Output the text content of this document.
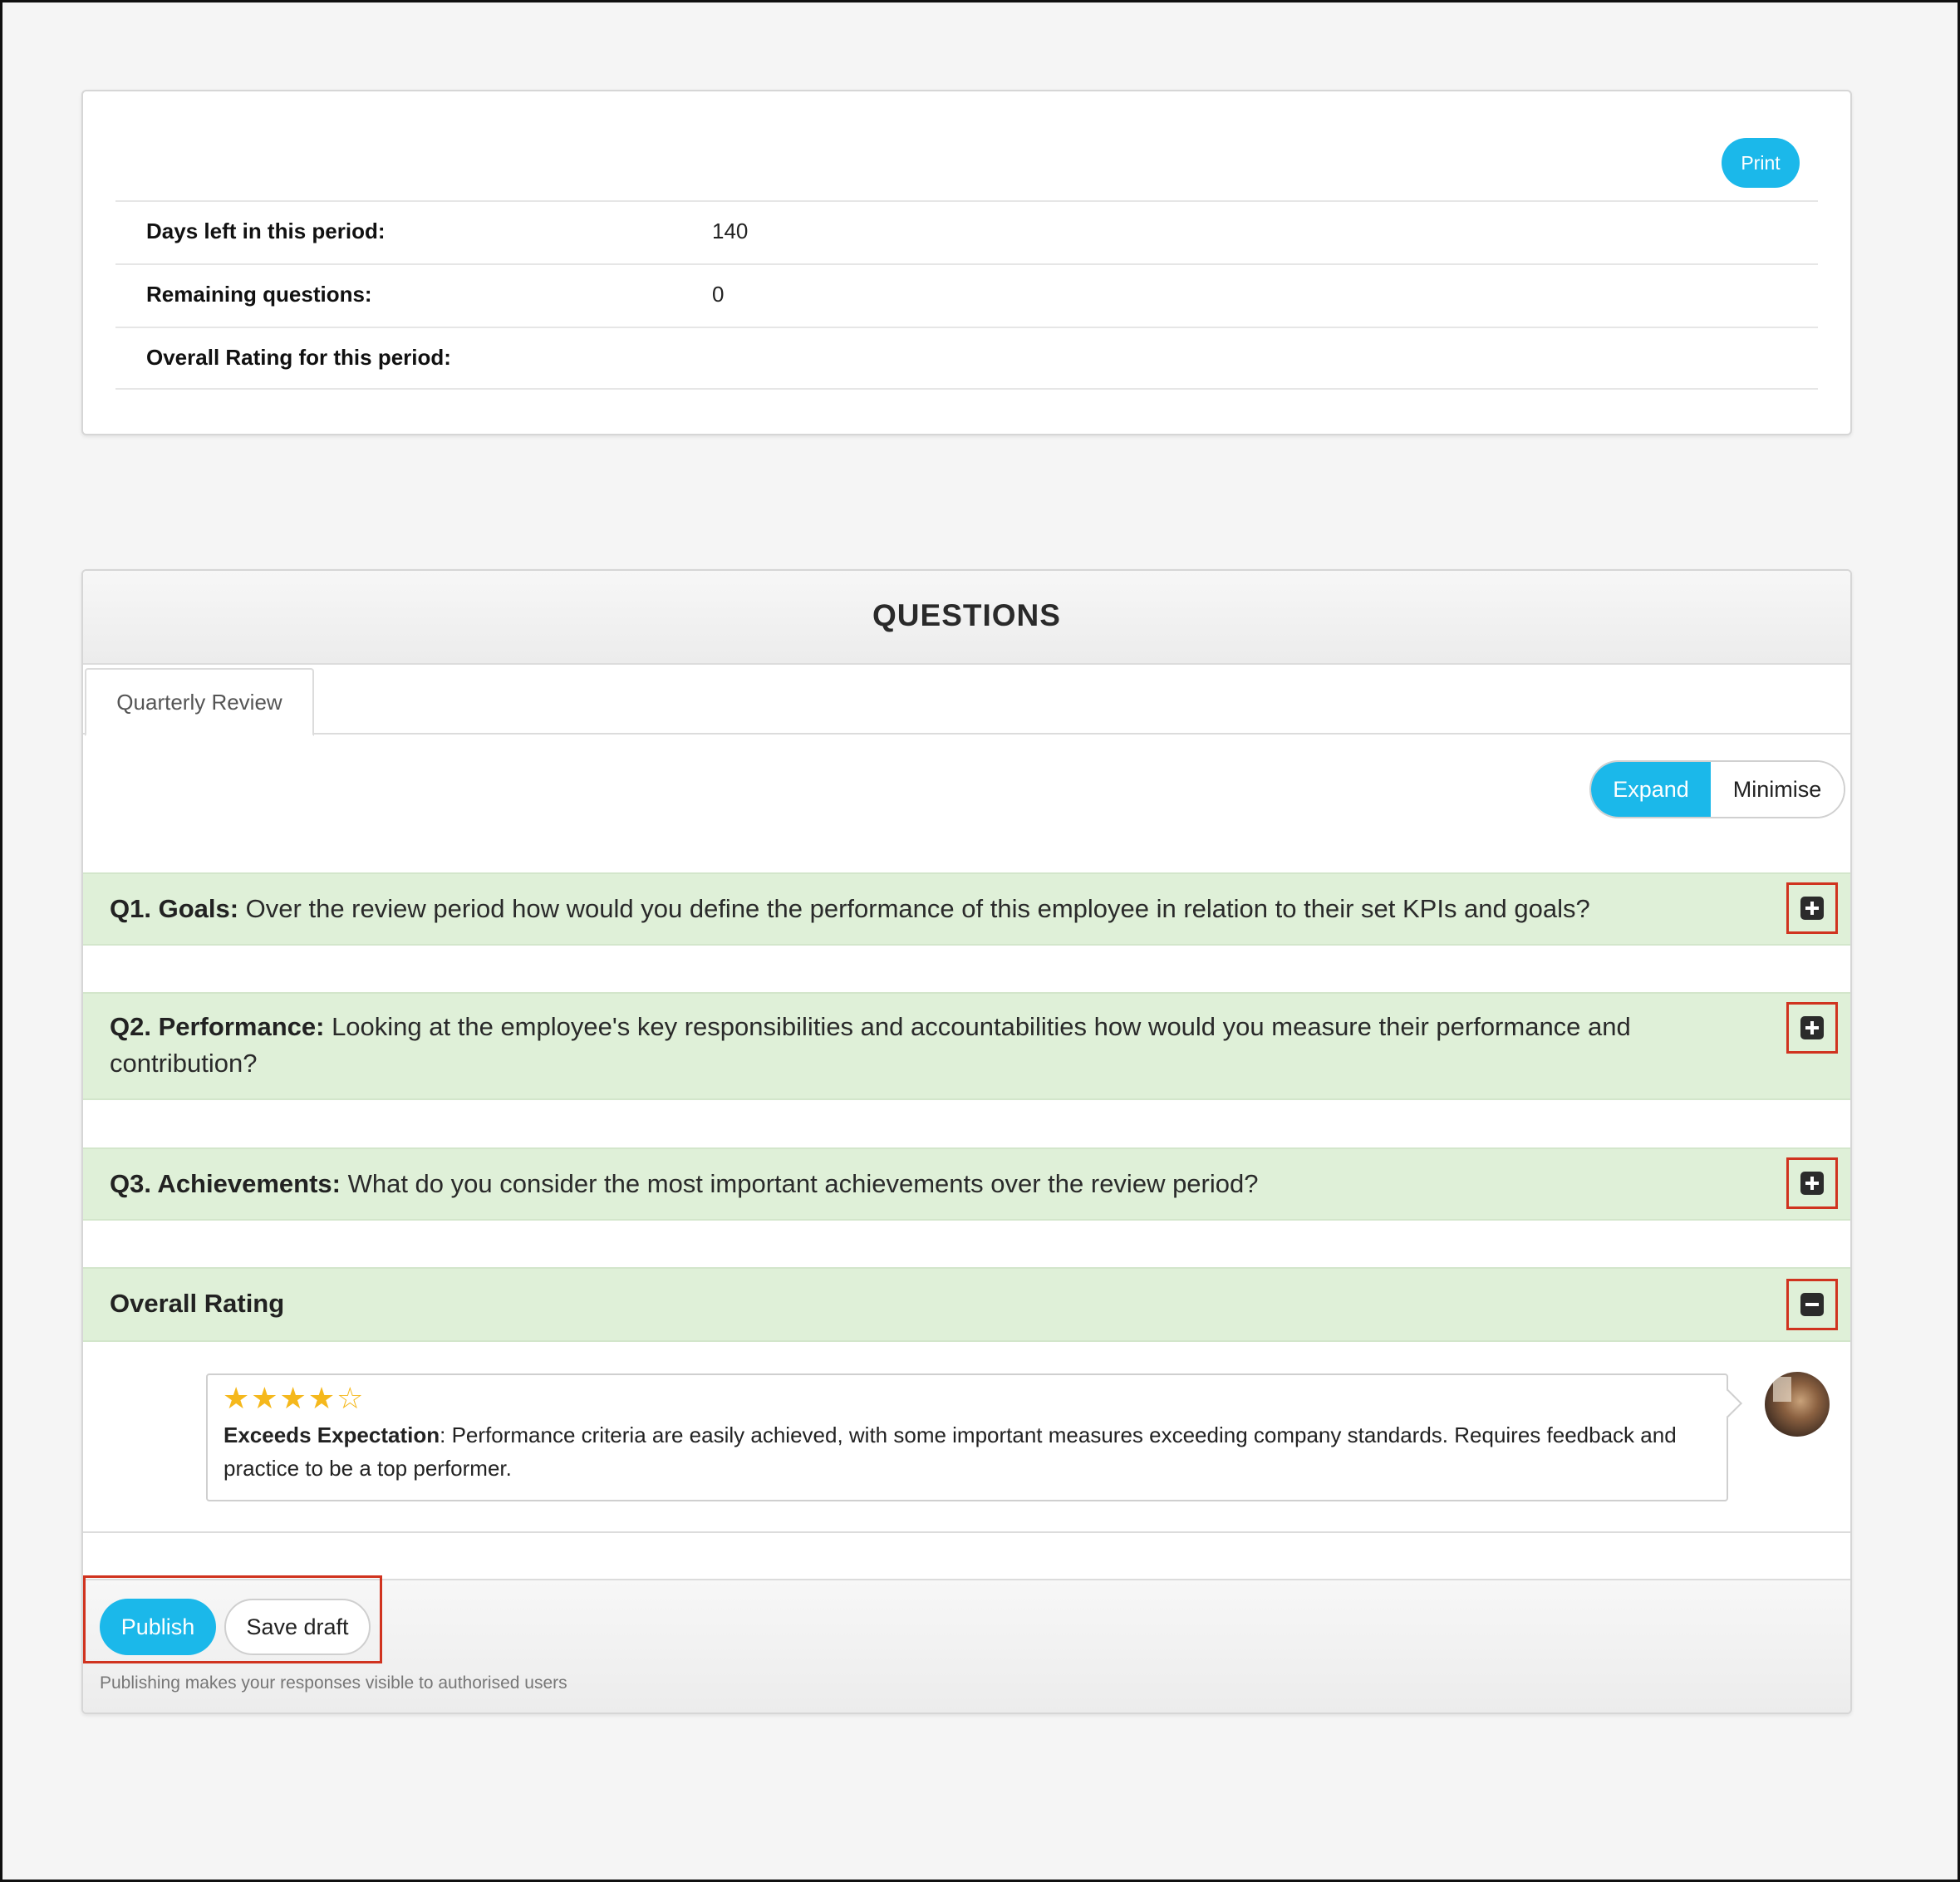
Print
Days left in this period:	140
Remaining questions:	0
Overall Rating for this period:
QUESTIONS
Quarterly Review
Expand	Minimise
Q1. Goals: Over the review period how would you define the performance of this employee in relation to their set KPIs and goals?
Q2. Performance: Looking at the employee's key responsibilities and accountabilities how would you measure their performance and contribution?
Q3. Achievements: What do you consider the most important achievements over the review period?
Overall Rating
★★★★☆
Exceeds Expectation: Performance criteria are easily achieved, with some important measures exceeding company standards. Requires feedback and practice to be a top performer.
Publish	Save draft
Publishing makes your responses visible to authorised users
